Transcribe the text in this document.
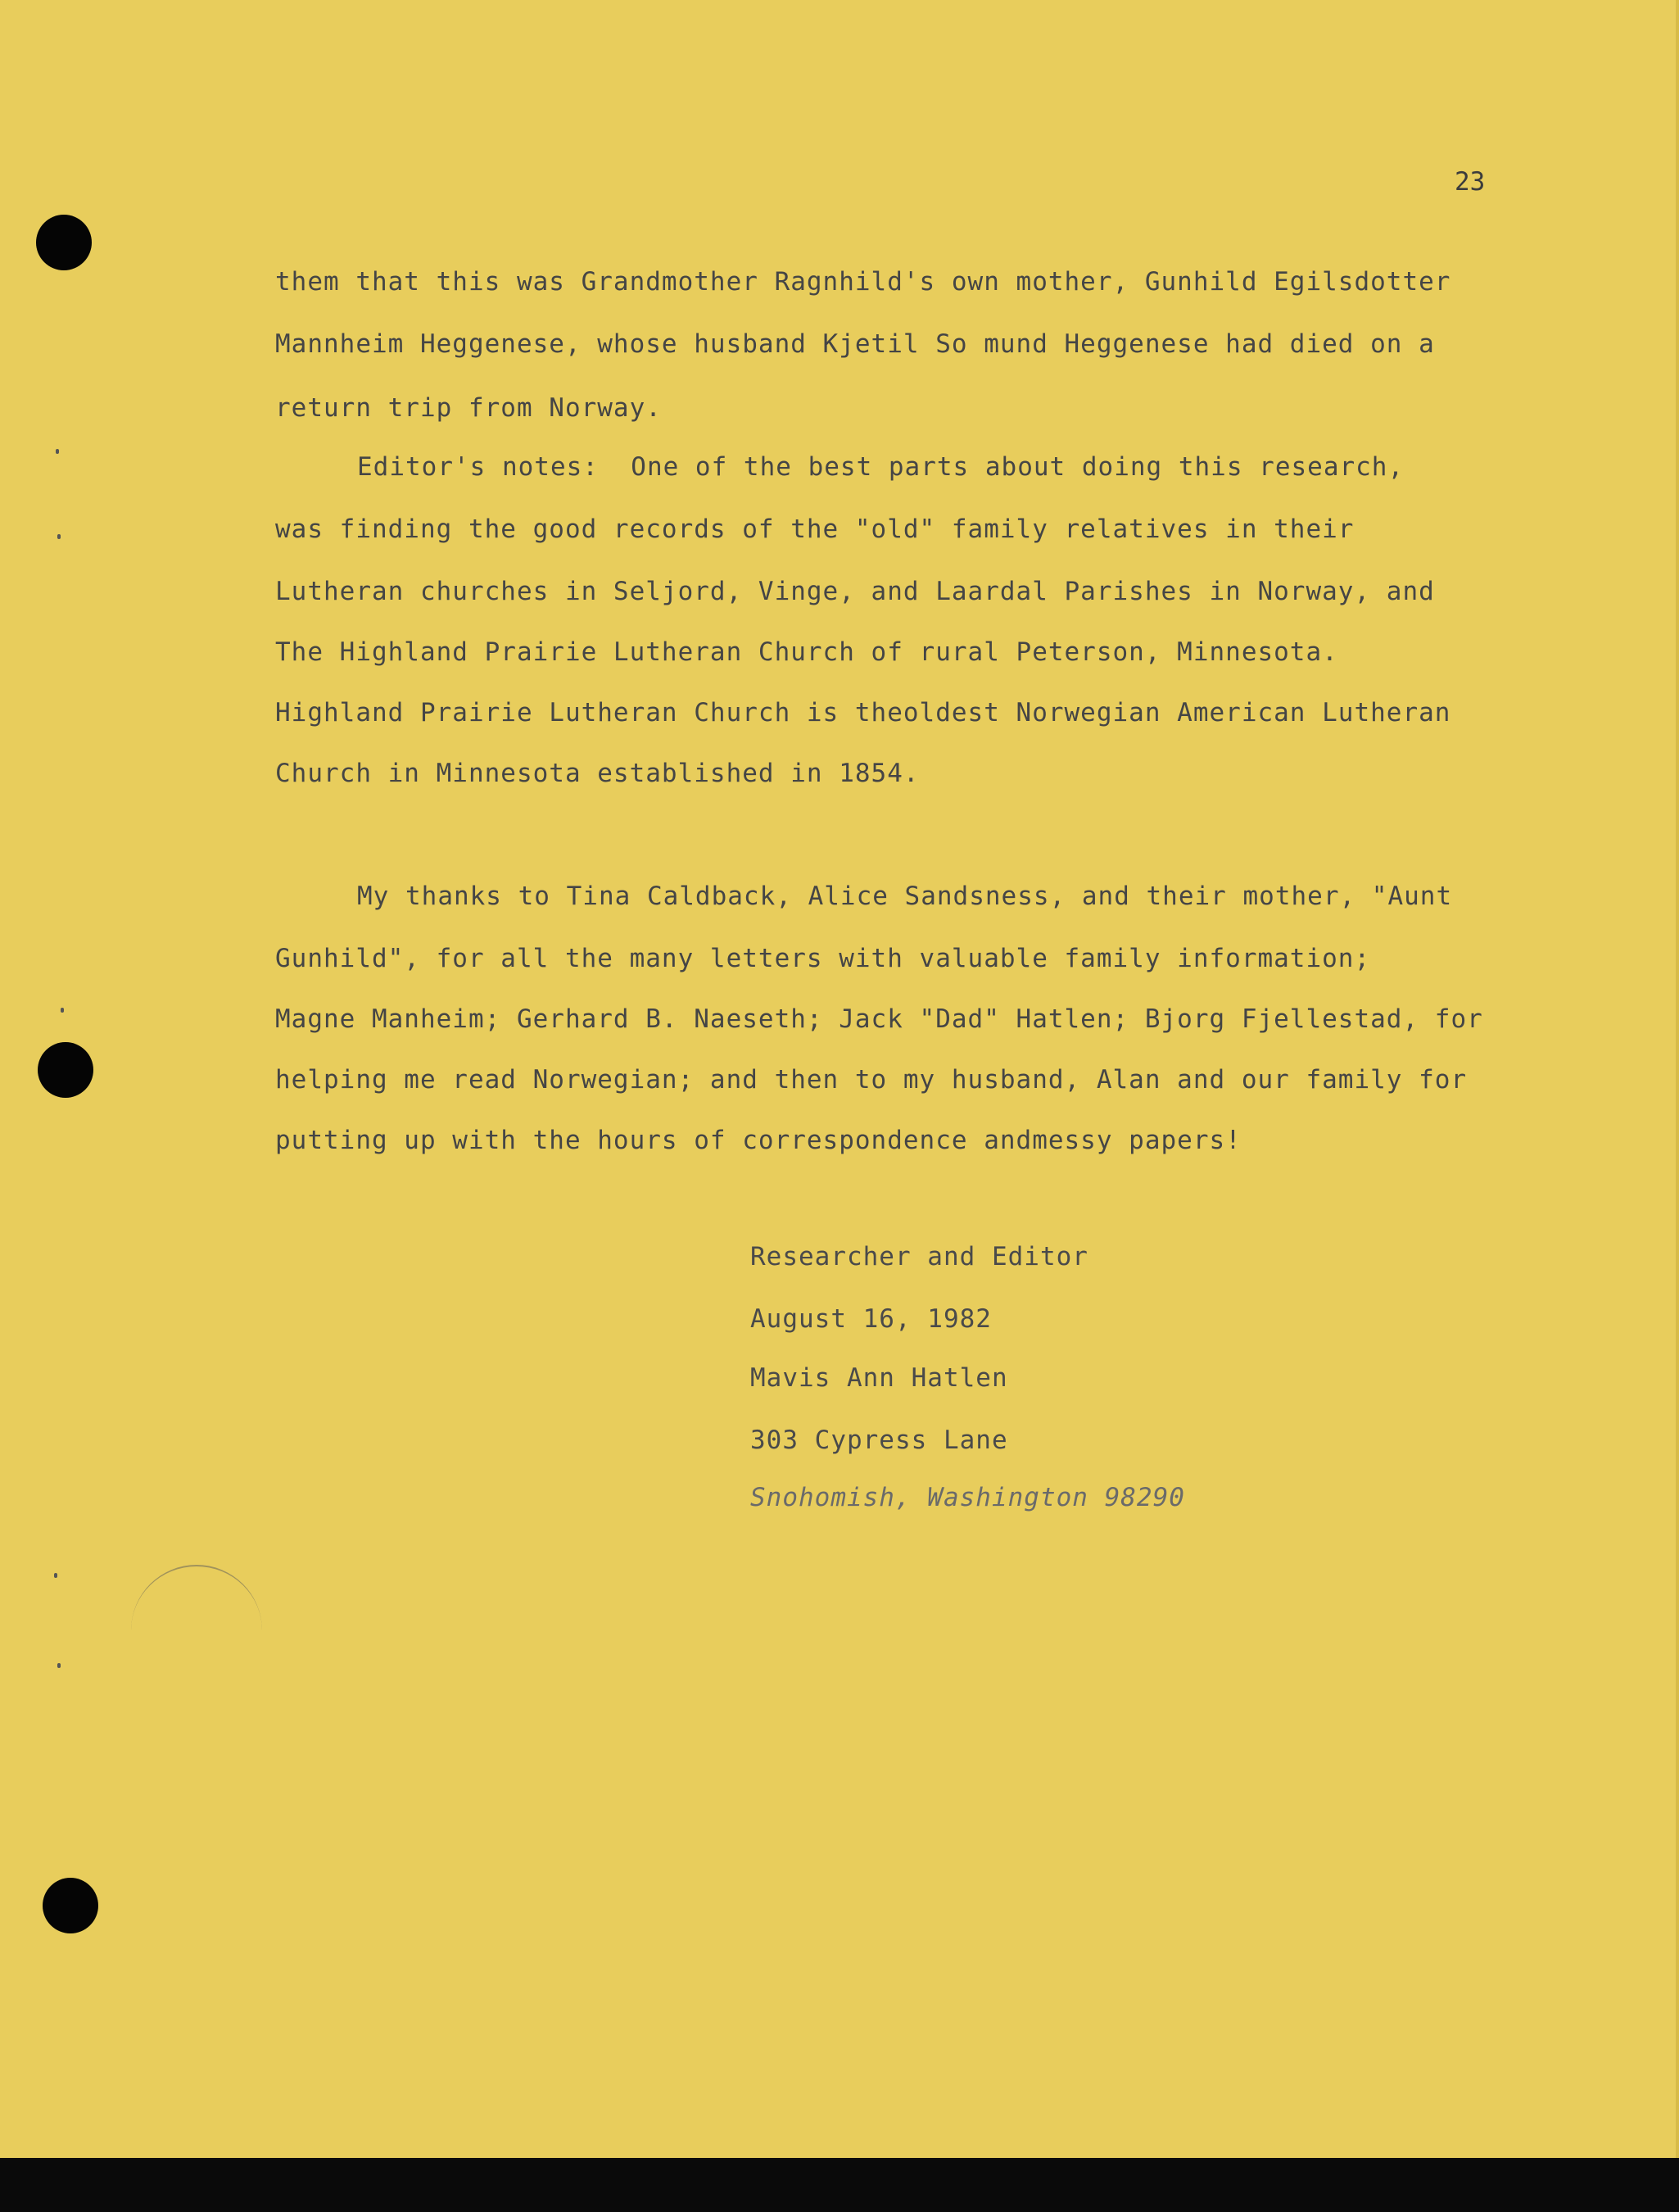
23
them that this was Grandmother Ragnhild's own mother, Gunhild Egilsdotter
Mannheim Heggenese, whose husband Kjetil So mund Heggenese had died on a
return trip from Norway.
Editor's notes:  One of the best parts about doing this research,
was finding the good records of the "old" family relatives in their
Lutheran churches in Seljord, Vinge, and Laardal Parishes in Norway, and
The Highland Prairie Lutheran Church of rural Peterson, Minnesota.
Highland Prairie Lutheran Church is theoldest Norwegian American Lutheran
Church in Minnesota established in 1854.
My thanks to Tina Caldback, Alice Sandsness, and their mother, "Aunt
Gunhild", for all the many letters with valuable family information;
Magne Manheim; Gerhard B. Naeseth; Jack "Dad" Hatlen; Bjorg Fjellestad, for
helping me read Norwegian; and then to my husband, Alan and our family for
putting up with the hours of correspondence andmessy papers!
Researcher and Editor
August 16, 1982
Mavis Ann Hatlen
303 Cypress Lane
Snohomish, Washington 98290
